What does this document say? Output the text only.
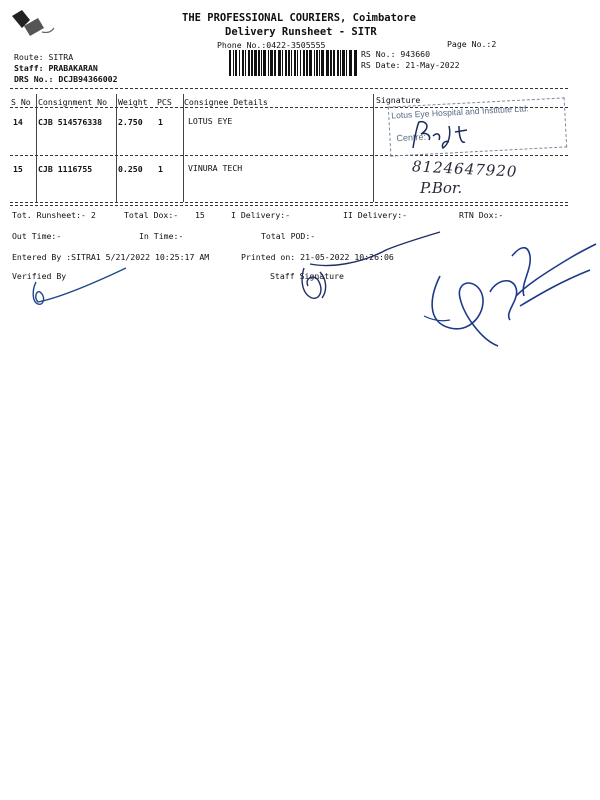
THE PROFESSIONAL COURIERS, Coimbatore
Delivery Runsheet - SITR
Phone No.:0422-3505555	Page No.:2
Route: SITRA
Staff: PRABAKARAN
DRS No.: DCJB94366002
RS No.: 943660
RS Date: 21-May-2022
S No Consignment No Weight PCS Consignee Details	Signature
14 CJB 514576338 2.750 1	LOTUS EYE
15 CJB 1116755	0.250 1	VINURA TECH
Lotus Eye Hospital and Institute Ltd.
Centre:
8124647920
P.Bor.
Tot. Runsheet:- 2	Total Dox:- 15	I Delivery:-	II Delivery:-	RTN Dox:-
Out Time:-	In Time:-	Total POD:-
Entered By :SITRA1 5/21/2022 10:25:17 AM	Printed on: 21-05-2022 10:26:06
Verified By	Staff Signature
